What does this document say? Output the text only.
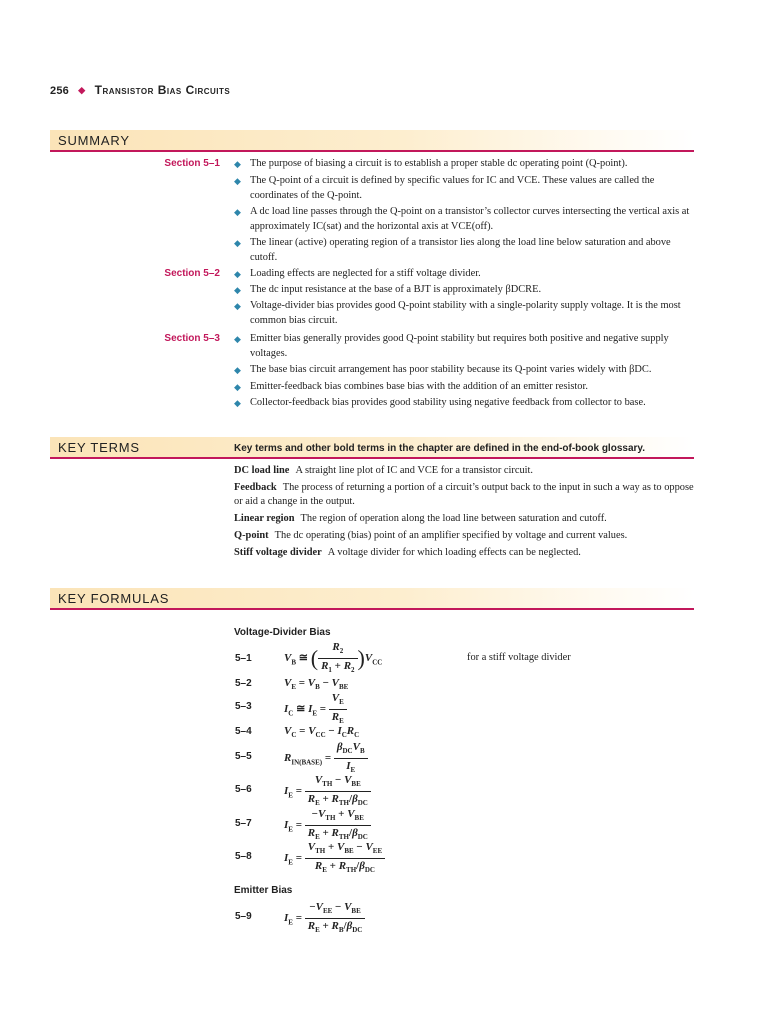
256 ◆ Transistor Bias Circuits
SUMMARY
Section 5–1 ◆ The purpose of biasing a circuit is to establish a proper stable dc operating point (Q-point).
◆ The Q-point of a circuit is defined by specific values for IC and VCE. These values are called the coordinates of the Q-point.
◆ A dc load line passes through the Q-point on a transistor’s collector curves intersecting the vertical axis at approximately IC(sat) and the horizontal axis at VCE(off).
◆ The linear (active) operating region of a transistor lies along the load line below saturation and above cutoff.
Section 5–2 ◆ Loading effects are neglected for a stiff voltage divider.
◆ The dc input resistance at the base of a BJT is approximately βDCRE.
◆ Voltage-divider bias provides good Q-point stability with a single-polarity supply voltage. It is the most common bias circuit.
Section 5–3 ◆ Emitter bias generally provides good Q-point stability but requires both positive and negative supply voltages.
◆ The base bias circuit arrangement has poor stability because its Q-point varies widely with βDC.
◆ Emitter-feedback bias combines base bias with the addition of an emitter resistor.
◆ Collector-feedback bias provides good stability using negative feedback from collector to base.
KEY TERMS	Key terms and other bold terms in the chapter are defined in the end-of-book glossary.
DC load line A straight line plot of IC and VCE for a transistor circuit.
Feedback The process of returning a portion of a circuit’s output back to the input in such a way as to oppose or aid a change in the output.
Linear region The region of operation along the load line between saturation and cutoff.
Q-point The dc operating (bias) point of an amplifier specified by voltage and current values.
Stiff voltage divider A voltage divider for which loading effects can be neglected.
KEY FORMULAS
Voltage-Divider Bias
5–1	$V_B$ ≅ ( $\frac{R_2}{R_1 + R_2} )V_{CC}$	for a stiff voltage divider
5–2	$V_E = V_B - V_{BE}$
5–3	$I_C$ ≅ $I_E = \frac{V_E}{R_E}$
5–4	$V_C = V_{CC} - I_CR_C$
5–5	$R_{IN(BASE)} = \frac{\beta_{DC}V_B}{I_E}$
5–6	$I_E = \frac{V_{TH} - V_{BE}}{R_E + R_{TH}/\beta_{DC}}$
5–7	$I_E = \frac{-V_{TH} + V_{BE}}{R_E + R_{TH}/\beta_{DC}}$
5–8	$I_E = \frac{V_{TH} + V_{BE} - V_{EE}}{R_E + R_{TH}/\beta_{DC}}$
Emitter Bias
5–9	$I_E = \frac{-V_{EE} - V_{BE}}{R_E + R_B/\beta_{DC}}$
